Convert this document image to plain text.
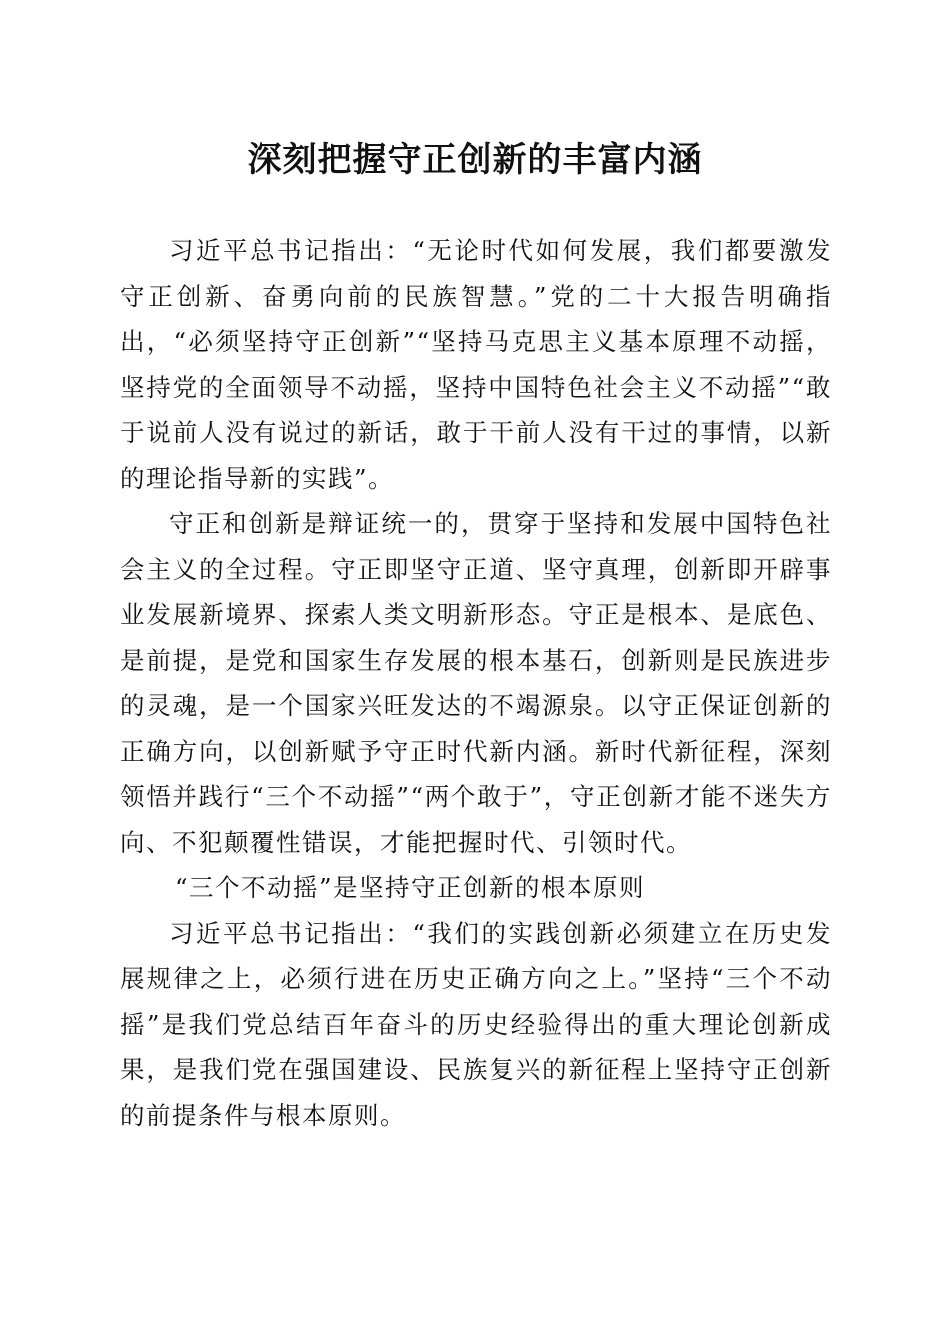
深刻把握守正创新的丰富内涵

习近平总书记指出：“无论时代如何发展，我们都要激发守正创新、奋勇向前的民族智慧。”党的二十大报告明确指出，“必须坚持守正创新”“坚持马克思主义基本原理不动摇，坚持党的全面领导不动摇，坚持中国特色社会主义不动摇”“敢于说前人没有说过的新话，敢于干前人没有干过的事情，以新的理论指导新的实践”。

守正和创新是辩证统一的，贯穿于坚持和发展中国特色社会主义的全过程。守正即坚守正道、坚守真理，创新即开辟事业发展新境界、探索人类文明新形态。守正是根本、是底色、是前提，是党和国家生存发展的根本基石，创新则是民族进步的灵魂，是一个国家兴旺发达的不竭源泉。以守正保证创新的正确方向，以创新赋予守正时代新内涵。新时代新征程，深刻领悟并践行“三个不动摇”“两个敢于”，守正创新才能不迷失方向、不犯颠覆性错误，才能把握时代、引领时代。

“三个不动摇”是坚持守正创新的根本原则

习近平总书记指出：“我们的实践创新必须建立在历史发展规律之上，必须行进在历史正确方向之上。”坚持“三个不动摇”是我们党总结百年奋斗的历史经验得出的重大理论创新成果，是我们党在强国建设、民族复兴的新征程上坚持守正创新的前提条件与根本原则。
